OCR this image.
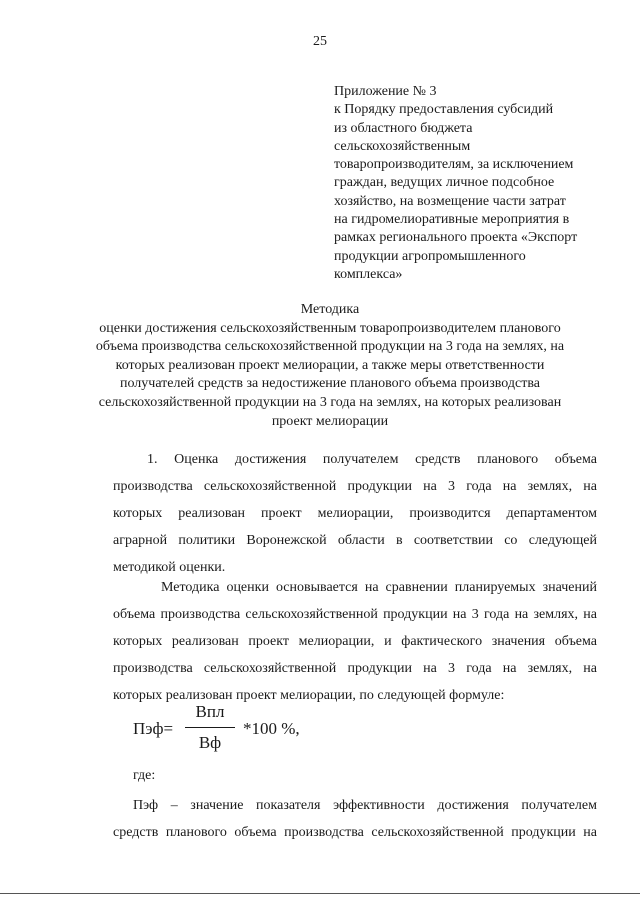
25
Приложение № 3
к Порядку предоставления субсидий
из областного бюджета
сельскохозяйственным
товаропроизводителям, за исключением
граждан, ведущих личное подсобное
хозяйство, на возмещение части затрат
на гидромелиоративные мероприятия в
рамках регионального проекта «Экспорт
продукции агропромышленного
комплекса»
Методика
оценки достижения сельскохозяйственным товаропроизводителем планового
объема производства сельскохозяйственной продукции на 3 года на землях, на
которых реализован проект мелиорации, а также меры ответственности
получателей средств за недостижение планового объема производства
сельскохозяйственной продукции на 3 года на землях, на которых реализован
проект мелиорации
1. Оценка достижения получателем средств планового объема
производства сельскохозяйственной продукции на 3 года на землях, на
которых реализован проект мелиорации, производится департаментом
аграрной политики Воронежской области в соответствии со следующей
методикой оценки.
Методика оценки основывается на сравнении планируемых значений
объема производства сельскохозяйственной продукции на 3 года на землях, на
которых реализован проект мелиорации, и фактического значения объема
производства сельскохозяйственной продукции на 3 года на землях, на
которых реализован проект мелиорации, по следующей формуле:
Пэф=
Впл
Вф
*100 %,
где:
Пэф – значение показателя эффективности достижения получателем
средств планового объема производства сельскохозяйственной продукции на
